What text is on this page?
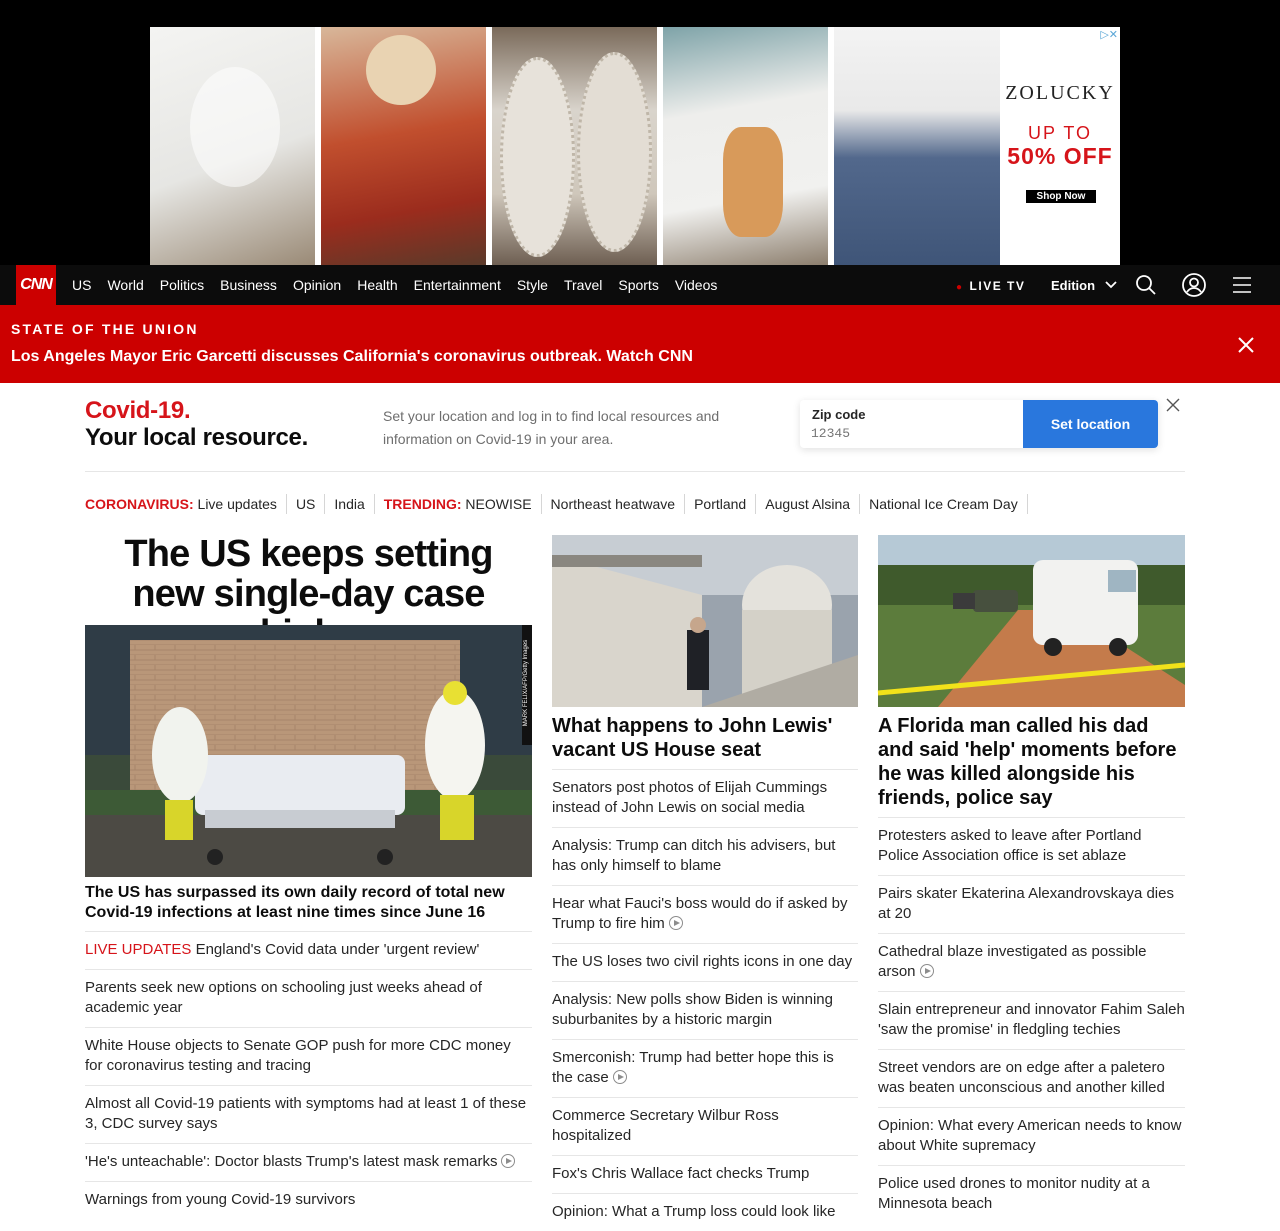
ZOLUCKY
UP TO
50% OFF
Shop Now
▷✕
CNN	US	World	Politics	Business	Opinion	Health	Entertainment	Style	Travel	Sports	Videos	● LIVE TV Edition
STATE OF THE UNION
Los Angeles Mayor Eric Garcetti discusses California's coronavirus outbreak. Watch CNN
Covid-19.
Your local resource.
Set your location and log in to find local resources and information on Covid-19 in your area.
Zip code
12345
Set location
CORONAVIRUS: Live updates	US	India	TRENDING: NEOWISE	Northeast heatwave	Portland	August Alsina	National Ice Cream Day
The US keeps setting new single-day case
The US has surpassed its own daily record of total new Covid-19 infections at least nine times since June 16
LIVE UPDATES England's Covid data under 'urgent review'
Parents seek new options on schooling just weeks ahead of academic year
White House objects to Senate GOP push for more CDC money for coronavirus testing and tracing
Almost all Covid-19 patients with symptoms had at least 1 of these 3, CDC survey says
'He's unteachable': Doctor blasts Trump's latest mask remarks
Warnings from young Covid-19 survivors
What happens to John Lewis' vacant US House seat
Senators post photos of Elijah Cummings instead of John Lewis on social media
Analysis: Trump can ditch his advisers, but has only himself to blame
Hear what Fauci's boss would do if asked by Trump to fire him
The US loses two civil rights icons in one day
Analysis: New polls show Biden is winning suburbanites by a historic margin
Smerconish: Trump had better hope this is the case
Commerce Secretary Wilbur Ross hospitalized
Fox's Chris Wallace fact checks Trump
Opinion: What a Trump loss could look like
A Florida man called his dad and said 'help' moments before he was killed alongside his friends, police say
Protesters asked to leave after Portland Police Association office is set ablaze
Pairs skater Ekaterina Alexandrovskaya dies at 20
Cathedral blaze investigated as possible arson
Slain entrepreneur and innovator Fahim Saleh 'saw the promise' in fledgling techies
Street vendors are on edge after a paletero was beaten unconscious and another killed
Opinion: What every American needs to know about White supremacy
Police used drones to monitor nudity at a Minnesota beach
MARK FELIX/AFP/Getty Images
